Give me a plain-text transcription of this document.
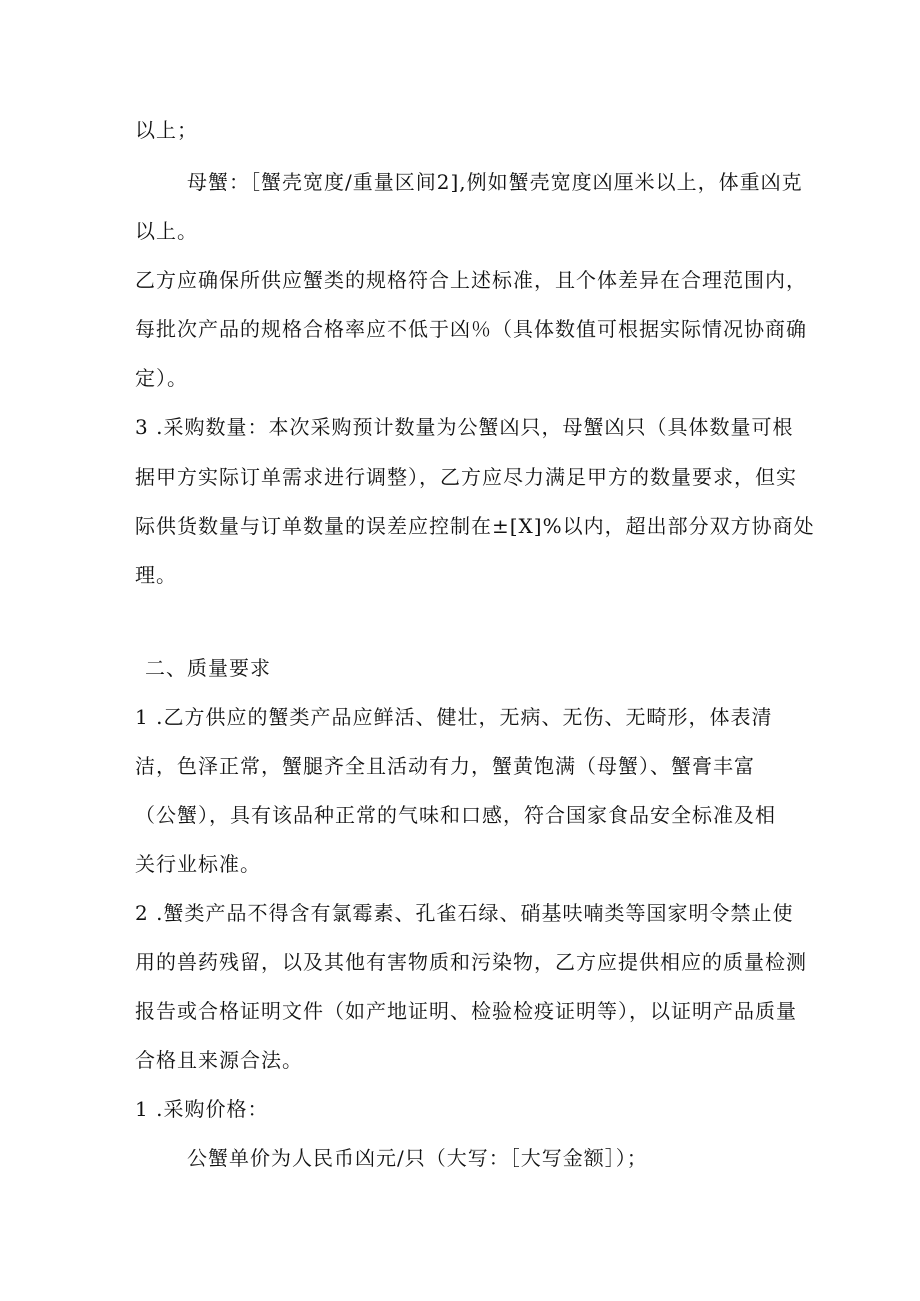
以上；
母蟹：［蟹壳宽度/重量区间2],例如蟹壳宽度凶厘米以上，体重凶克
以上。
乙方应确保所供应蟹类的规格符合上述标准，且个体差异在合理范围内，
每批次产品的规格合格率应不低于凶％（具体数值可根据实际情况协商确
定）。
3 .采购数量：本次采购预计数量为公蟹凶只，母蟹凶只（具体数量可根
据甲方实际订单需求进行调整），乙方应尽力满足甲方的数量要求，但实
际供货数量与订单数量的误差应控制在±[X]%以内，超出部分双方协商处
理。
二、质量要求
1 .乙方供应的蟹类产品应鲜活、健壮，无病、无伤、无畸形，体表清
洁，色泽正常，蟹腿齐全且活动有力，蟹黄饱满（母蟹）、蟹膏丰富
（公蟹），具有该品种正常的气味和口感，符合国家食品安全标准及相
关行业标准。
2 .蟹类产品不得含有氯霉素、孔雀石绿、硝基呋喃类等国家明令禁止使
用的兽药残留，以及其他有害物质和污染物，乙方应提供相应的质量检测
报告或合格证明文件（如产地证明、检验检疫证明等），以证明产品质量
合格且来源合法。
1 .采购价格：
公蟹单价为人民币凶元/只（大写：［大写金额］）；
